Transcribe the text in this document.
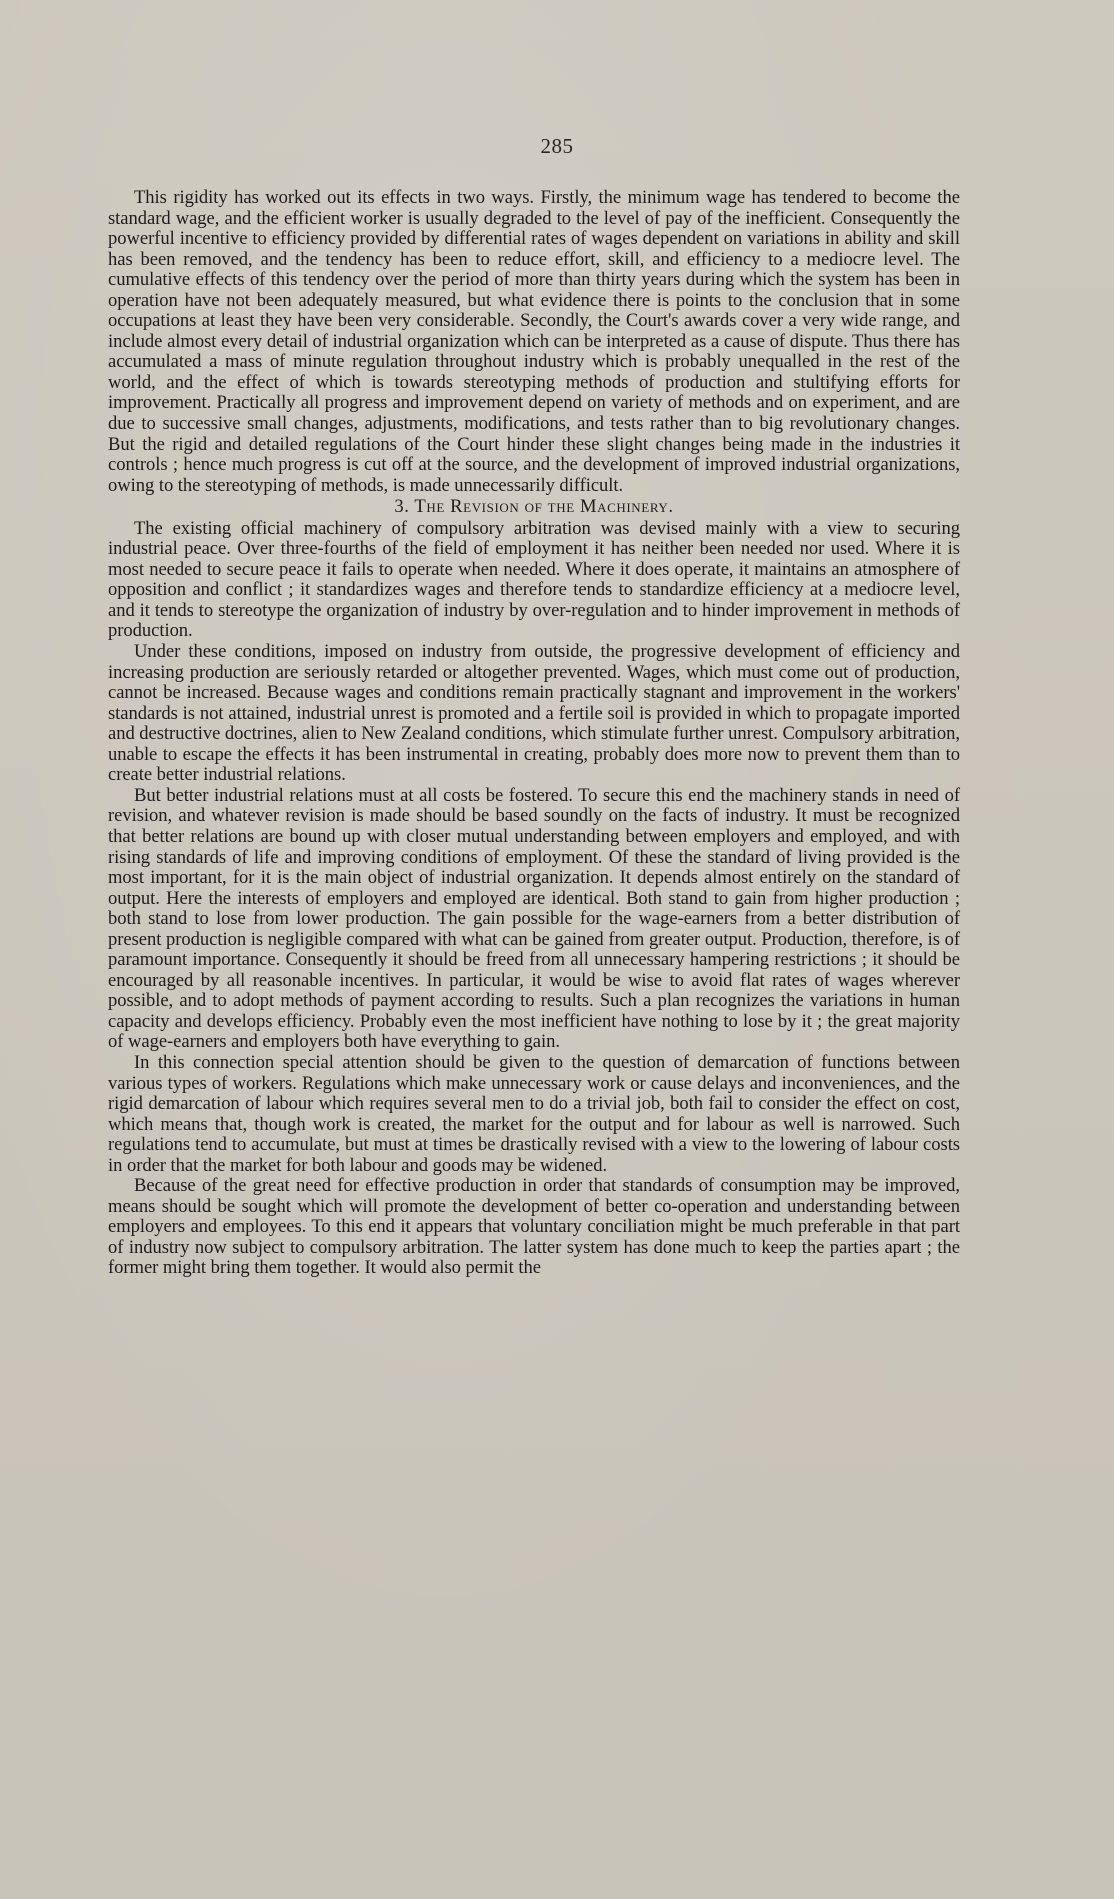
285

This rigidity has worked out its effects in two ways. Firstly, the minimum wage has tendered to become the standard wage, and the efficient worker is usually degraded to the level of pay of the inefficient. Consequently the powerful incentive to efficiency provided by differential rates of wages dependent on variations in ability and skill has been removed, and the tendency has been to reduce effort, skill, and efficiency to a mediocre level. The cumulative effects of this tendency over the period of more than thirty years during which the system has been in operation have not been adequately measured, but what evidence there is points to the conclusion that in some occupations at least they have been very considerable. Secondly, the Court's awards cover a very wide range, and include almost every detail of industrial organization which can be interpreted as a cause of dispute. Thus there has accumulated a mass of minute regulation throughout industry which is probably unequalled in the rest of the world, and the effect of which is towards stereotyping methods of production and stultifying efforts for improvement. Practically all progress and improvement depend on variety of methods and on experiment, and are due to successive small changes, adjustments, modifications, and tests rather than to big revolutionary changes. But the rigid and detailed regulations of the Court hinder these slight changes being made in the industries it controls ; hence much progress is cut off at the source, and the development of improved industrial organizations, owing to the stereotyping of methods, is made unnecessarily difficult.

3. The Revision of the Machinery.

The existing official machinery of compulsory arbitration was devised mainly with a view to securing industrial peace. Over three-fourths of the field of employment it has neither been needed nor used. Where it is most needed to secure peace it fails to operate when needed. Where it does operate, it maintains an atmosphere of opposition and conflict ; it standardizes wages and therefore tends to standardize efficiency at a mediocre level, and it tends to stereotype the organization of industry by over-regulation and to hinder improvement in methods of production.

Under these conditions, imposed on industry from outside, the progressive development of efficiency and increasing production are seriously retarded or altogether prevented. Wages, which must come out of production, cannot be increased. Because wages and conditions remain practically stagnant and improvement in the workers' standards is not attained, industrial unrest is promoted and a fertile soil is provided in which to propagate imported and destructive doctrines, alien to New Zealand conditions, which stimulate further unrest. Compulsory arbitration, unable to escape the effects it has been instrumental in creating, probably does more now to prevent them than to create better industrial relations.

But better industrial relations must at all costs be fostered. To secure this end the machinery stands in need of revision, and whatever revision is made should be based soundly on the facts of industry. It must be recognized that better relations are bound up with closer mutual understanding between employers and employed, and with rising standards of life and improving conditions of employment. Of these the standard of living provided is the most important, for it is the main object of industrial organization. It depends almost entirely on the standard of output. Here the interests of employers and employed are identical. Both stand to gain from higher production ; both stand to lose from lower production. The gain possible for the wage-earners from a better distribution of present production is negligible compared with what can be gained from greater output. Production, therefore, is of paramount importance. Consequently it should be freed from all unnecessary hampering restrictions ; it should be encouraged by all reasonable incentives. In particular, it would be wise to avoid flat rates of wages wherever possible, and to adopt methods of payment according to results. Such a plan recognizes the variations in human capacity and develops efficiency. Probably even the most inefficient have nothing to lose by it ; the great majority of wage-earners and employers both have everything to gain.

In this connection special attention should be given to the question of demarcation of functions between various types of workers. Regulations which make unnecessary work or cause delays and inconveniences, and the rigid demarcation of labour which requires several men to do a trivial job, both fail to consider the effect on cost, which means that, though work is created, the market for the output and for labour as well is narrowed. Such regulations tend to accumulate, but must at times be drastically revised with a view to the lowering of labour costs in order that the market for both labour and goods may be widened.

Because of the great need for effective production in order that standards of consumption may be improved, means should be sought which will promote the development of better co-operation and understanding between employers and employees. To this end it appears that voluntary conciliation might be much preferable in that part of industry now subject to compulsory arbitration. The latter system has done much to keep the parties apart ; the former might bring them together. It would also permit the
